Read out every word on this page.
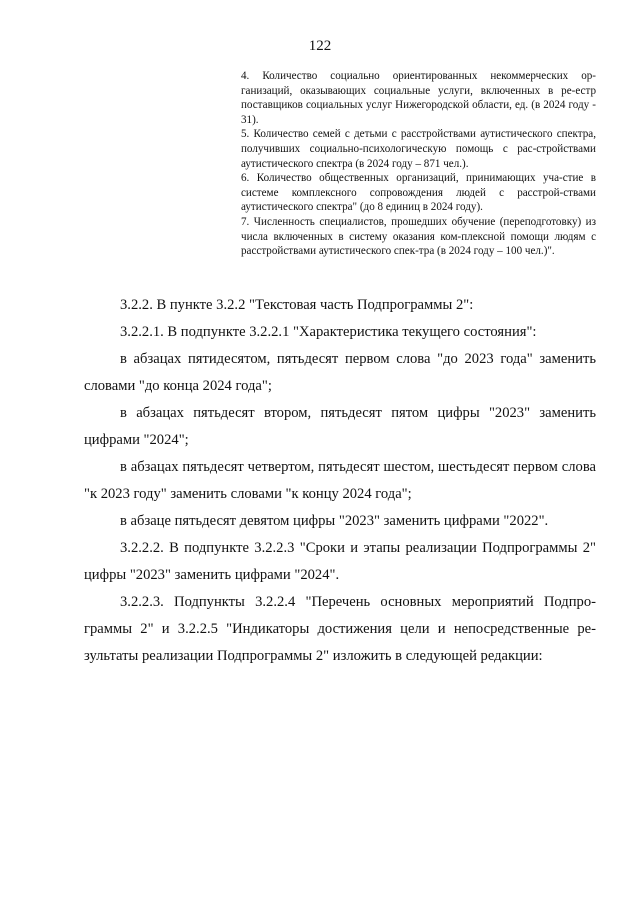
122

4. Количество социально ориентированных некоммерческих ор-ганизаций, оказывающих социальные услуги, включенных в ре-естр поставщиков социальных услуг Нижегородской области, ед. (в 2024 году - 31).

5. Количество семей с детьми с расстройствами аутистического спектра, получивших социально-психологическую помощь с рас-стройствами аутистического спектра (в 2024 году – 871 чел.).

6. Количество общественных организаций, принимающих уча-стие в системе комплексного сопровождения людей с расстрой-ствами аутистического спектра" (до 8 единиц в 2024 году).

7. Численность специалистов, прошедших обучение (переподготовку) из числа включенных в систему оказания ком-плексной помощи людям с расстройствами аутистического спек-тра (в 2024 году – 100 чел.)".

3.2.2. В пункте 3.2.2 "Текстовая часть Подпрограммы 2":

3.2.2.1. В подпункте 3.2.2.1 "Характеристика текущего состояния":

в абзацах пятидесятом, пятьдесят первом слова "до 2023 года" заменить словами "до конца 2024 года";

в абзацах пятьдесят втором, пятьдесят пятом цифры "2023" заменить цифрами "2024";

в абзацах пятьдесят четвертом, пятьдесят шестом, шестьдесят первом слова "к 2023 году" заменить словами "к концу 2024 года";

в абзаце пятьдесят девятом цифры "2023" заменить цифрами "2022".

3.2.2.2. В подпункте 3.2.2.3 "Сроки и этапы реализации Подпрограммы 2" цифры "2023" заменить цифрами "2024".

3.2.2.3. Подпункты 3.2.2.4 "Перечень основных мероприятий Подпро-граммы 2" и 3.2.2.5 "Индикаторы достижения цели и непосредственные ре-зультаты реализации Подпрограммы 2" изложить в следующей редакции:
